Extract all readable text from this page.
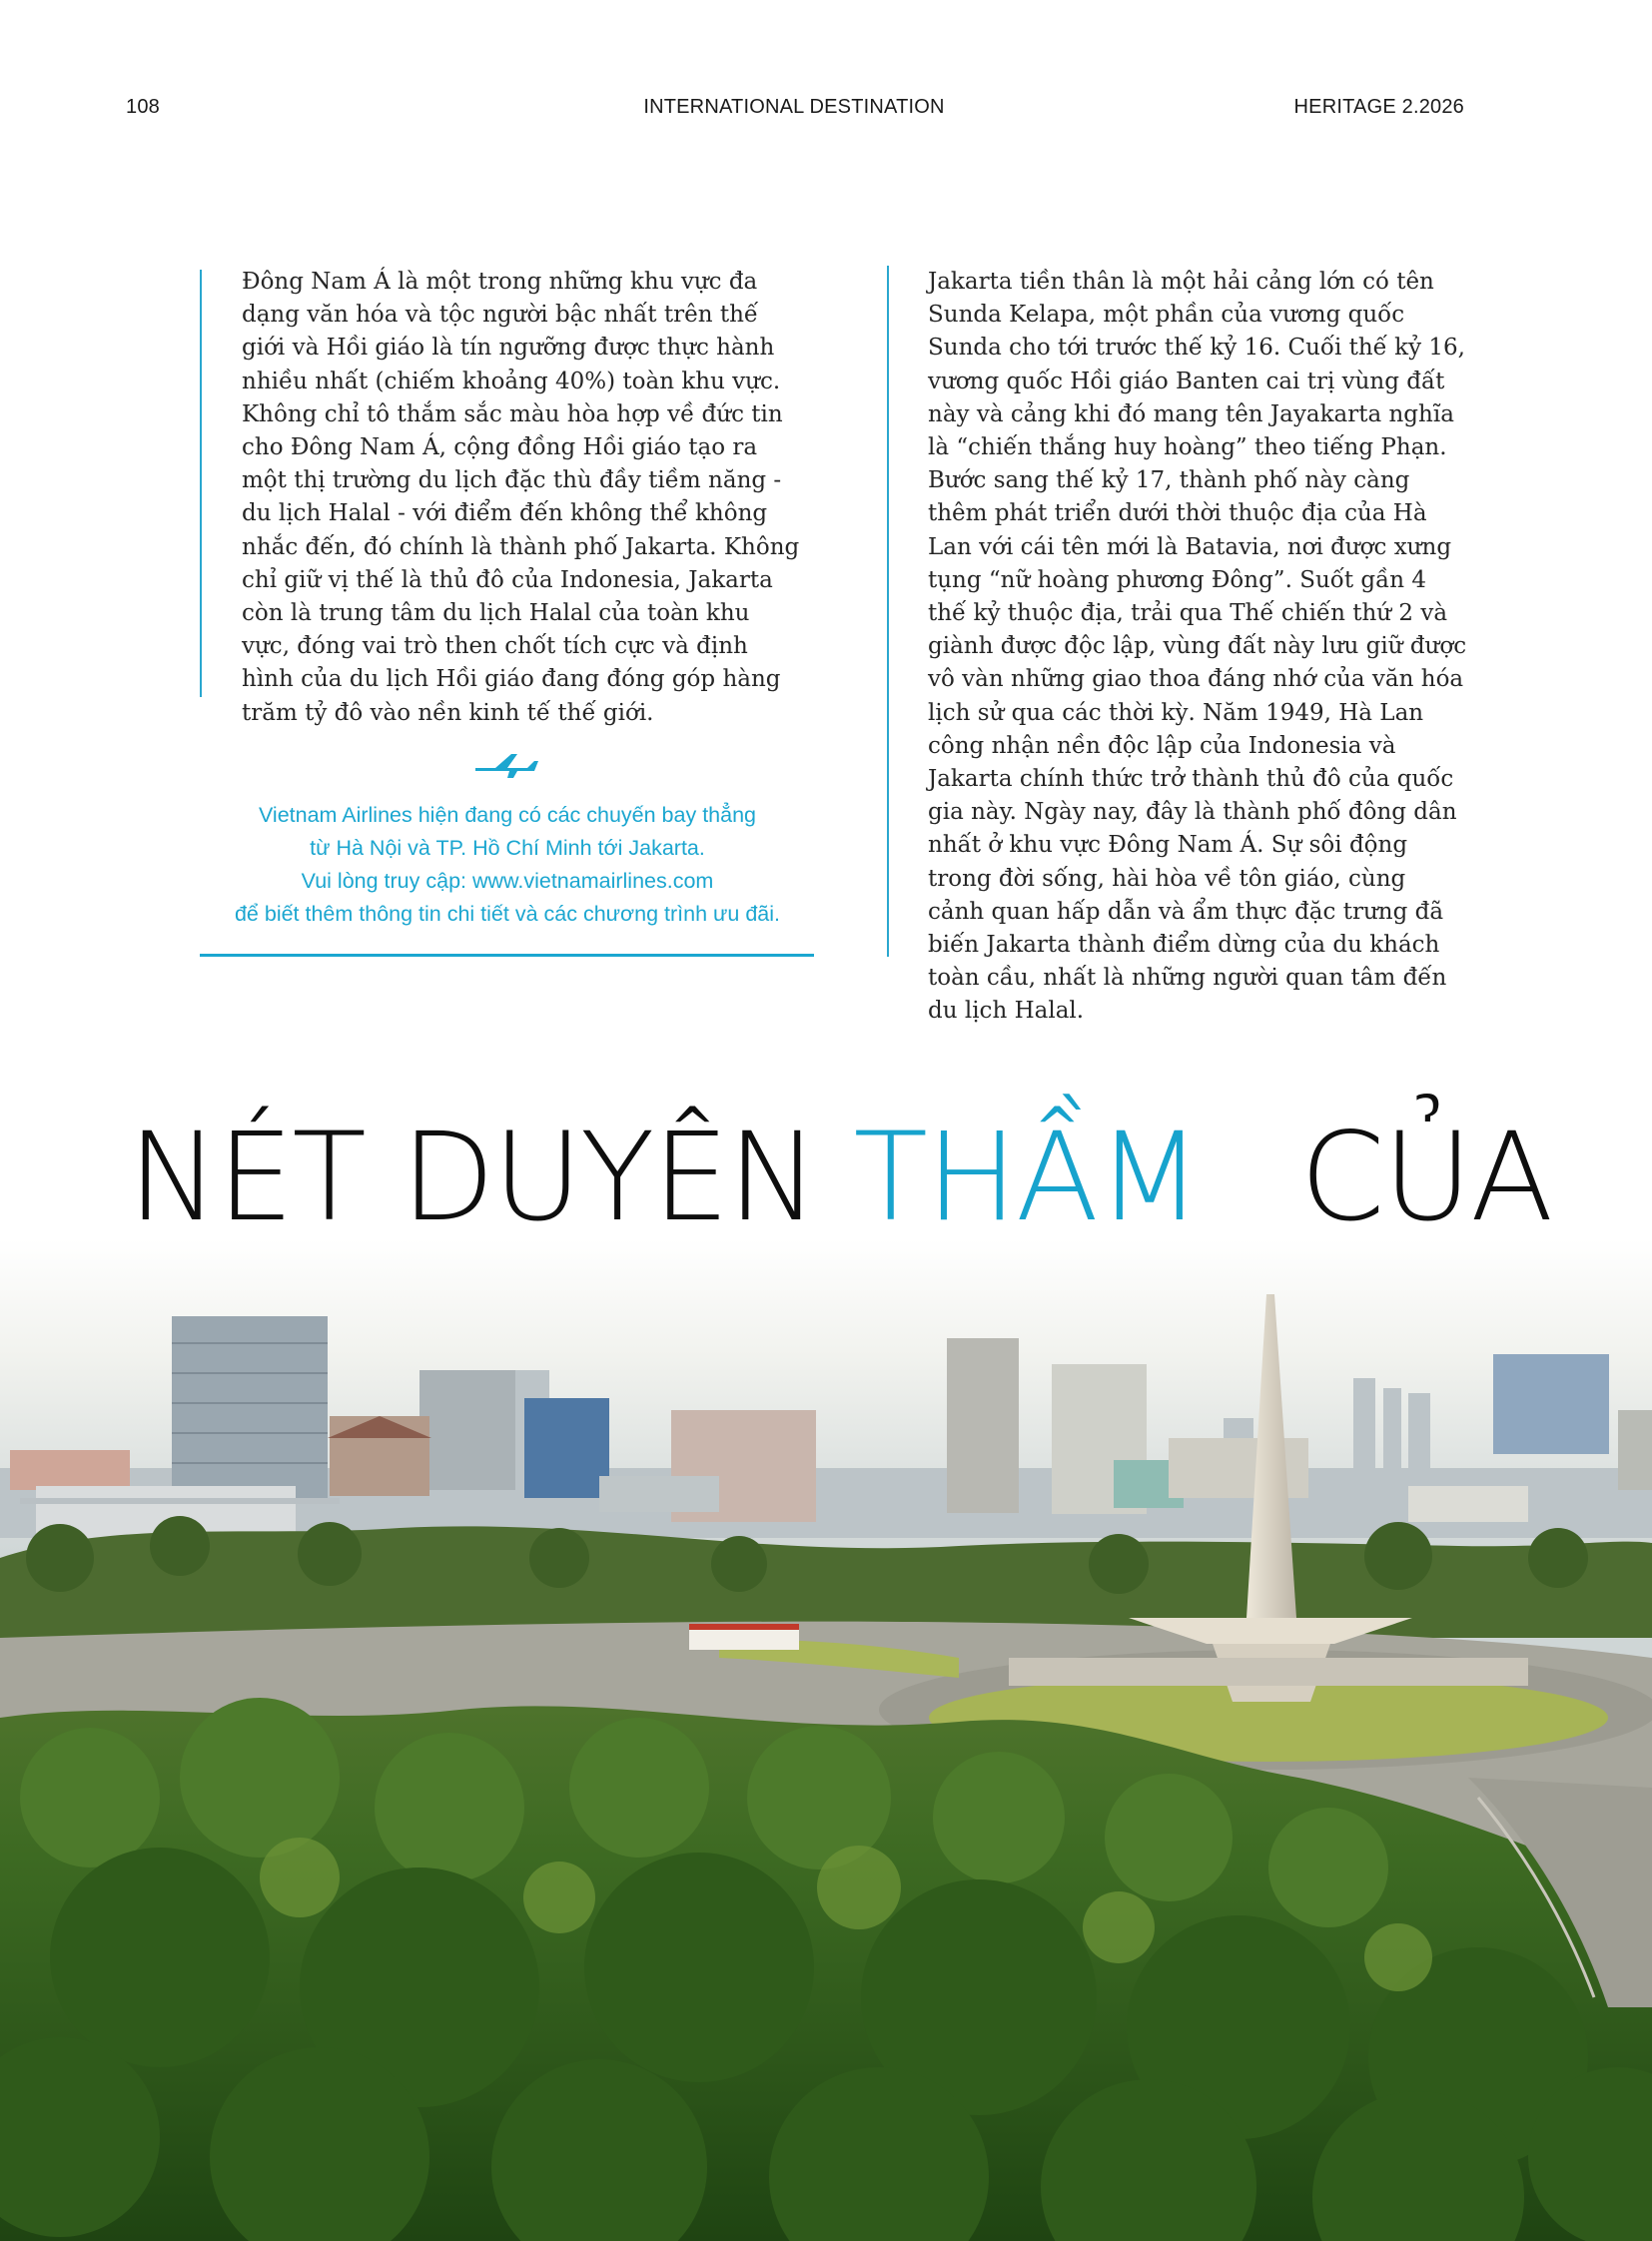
108	INTERNATIONAL DESTINATION	HERITAGE 2.2026
Đông Nam Á là một trong những khu vực đa dạng văn hóa và tộc người bậc nhất trên thế giới và Hồi giáo là tín ngưỡng được thực hành nhiều nhất (chiếm khoảng 40%) toàn khu vực. Không chỉ tô thắm sắc màu hòa hợp về đức tin cho Đông Nam Á, cộng đồng Hồi giáo tạo ra một thị trường du lịch đặc thù đầy tiềm năng - du lịch Halal - với điểm đến không thể không nhắc đến, đó chính là thành phố Jakarta. Không chỉ giữ vị thế là thủ đô của Indonesia, Jakarta còn là trung tâm du lịch Halal của toàn khu vực, đóng vai trò then chốt tích cực và định hình của du lịch Hồi giáo đang đóng góp hàng trăm tỷ đô vào nền kinh tế thế giới.
Jakarta tiền thân là một hải cảng lớn có tên Sunda Kelapa, một phần của vương quốc Sunda cho tới trước thế kỷ 16. Cuối thế kỷ 16, vương quốc Hồi giáo Banten cai trị vùng đất này và cảng khi đó mang tên Jayakarta nghĩa là “chiến thắng huy hoàng” theo tiếng Phạn. Bước sang thế kỷ 17, thành phố này càng thêm phát triển dưới thời thuộc địa của Hà Lan với cái tên mới là Batavia, nơi được xưng tụng “nữ hoàng phương Đông”. Suốt gần 4 thế kỷ thuộc địa, trải qua Thế chiến thứ 2 và giành được độc lập, vùng đất này lưu giữ được vô vàn những giao thoa đáng nhớ của văn hóa lịch sử qua các thời kỳ. Năm 1949, Hà Lan công nhận nền độc lập của Indonesia và Jakarta chính thức trở thành thủ đô của quốc gia này. Ngày nay, đây là thành phố đông dân nhất ở khu vực Đông Nam Á. Sự sôi động trong đời sống, hài hòa về tôn giáo, cùng cảnh quan hấp dẫn và ẩm thực đặc trưng đã biến Jakarta thành điểm dừng của du khách toàn cầu, nhất là những người quan tâm đến du lịch Halal.
Vietnam Airlines hiện đang có các chuyến bay thẳng
từ Hà Nội và TP. Hồ Chí Minh tới Jakarta.
Vui lòng truy cập: www.vietnamairlines.com
để biết thêm thông tin chi tiết và các chương trình ưu đãi.
NÉT DUYÊN THẦM CỦA
